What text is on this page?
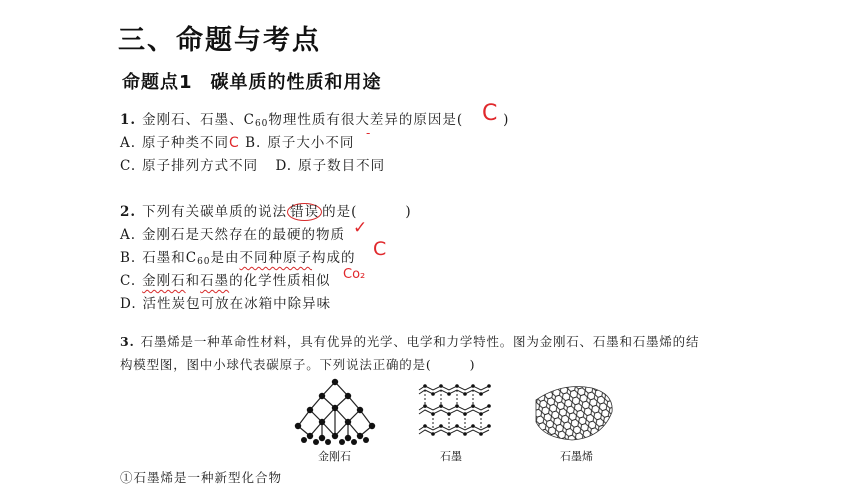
三、命题与考点
命题点1 碳单质的性质和用途
1. 金刚石、石墨、$C_{60}$物理性质有很大差异的原因是(	)
C
A. 原子种类不同C B. 原子大小不同
-
C. 原子排列方式不同 D. 原子数目不同
2. 下列有关碳单质的说法 错误 的是(	)
A. 金刚石是天然存在的最硬的物质 ✓
B. 石墨和$C_{60}$是由不同种原子构成的 C
C. 金刚石和石墨的化学性质相似 Co₂
D. 活性炭包可放在冰箱中除异味
3. 石墨烯是一种革命性材料，具有优异的光学、电学和力学特性。图为金刚石、石墨和石墨烯的结
构模型图，图中小球代表碳原子。下列说法正确的是(	)
金刚石	石墨	石墨烯
①石墨烯是一种新型化合物
